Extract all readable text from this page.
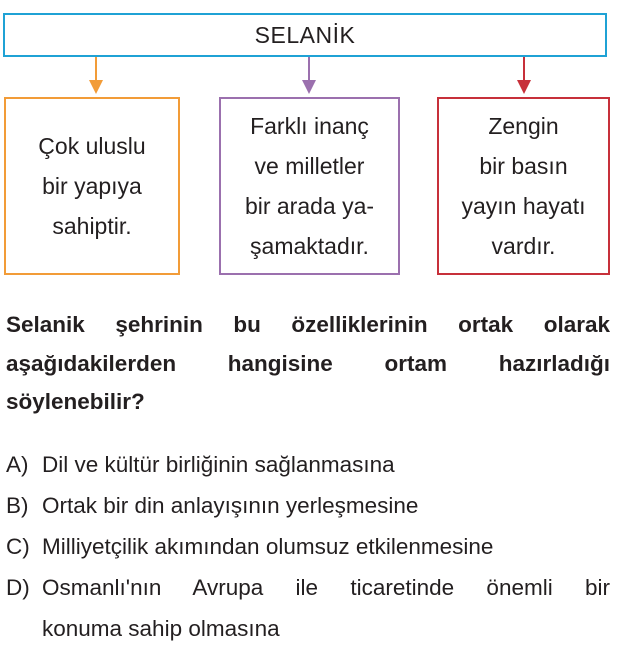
SELANİK
Çok uluslu
bir yapıya
sahiptir.
Farklı inanç
ve milletler
bir arada ya-
şamaktadır.
Zengin
bir basın
yayın hayatı
vardır.
Selanik şehrinin bu özelliklerinin ortak olarak
aşağıdakilerden hangisine ortam hazırladığı
söylenebilir?
A) Dil ve kültür birliğinin sağlanmasına
B) Ortak bir din anlayışının yerleşmesine
C) Milliyetçilik akımından olumsuz etkilenmesine
D) Osmanlı'nın Avrupa ile ticaretinde önemli bir
konuma sahip olmasına
